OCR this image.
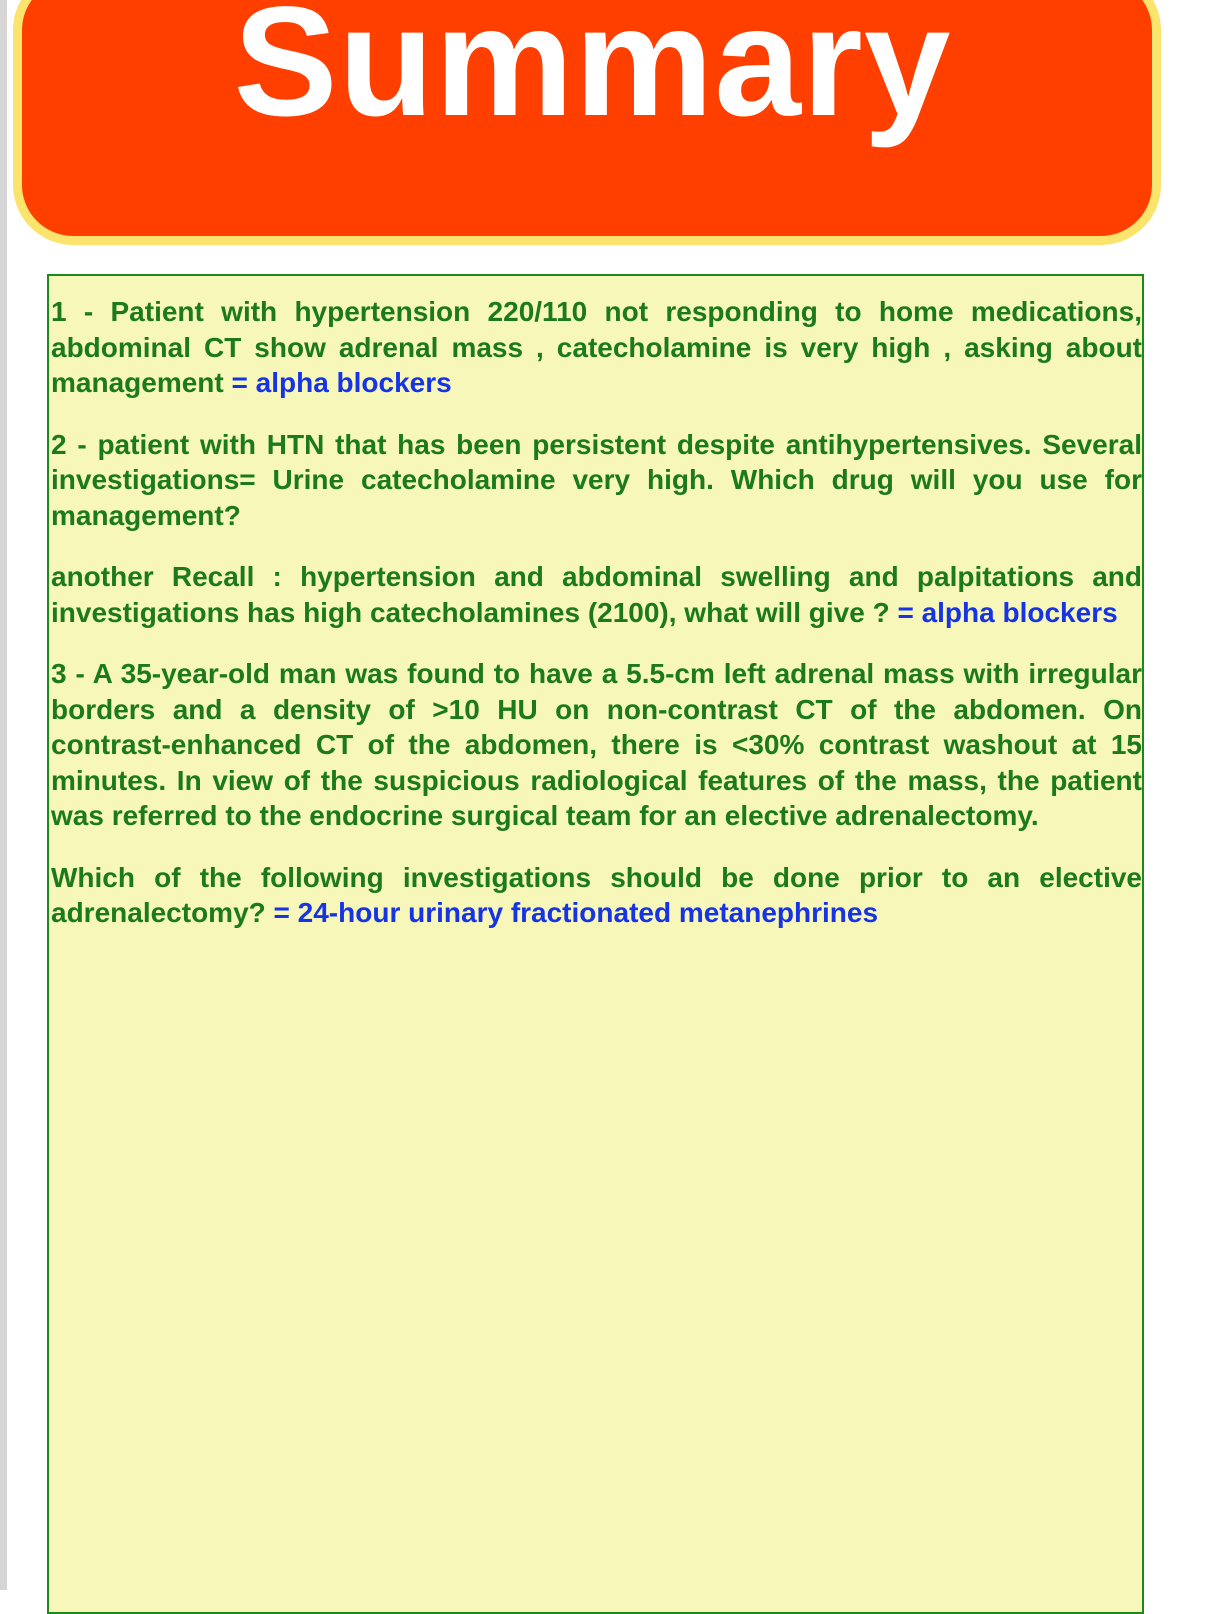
Summary

1 - Patient with hypertension 220/110 not responding to home medications, abdominal CT show adrenal mass , catecholamine is very high , asking about management = alpha blockers

2 - patient with HTN that has been persistent despite antihypertensives. Several investigations= Urine catecholamine very high. Which drug will you use for management?

another Recall : hypertension and abdominal swelling and palpitations and investigations has high catecholamines (2100), what will give ? = alpha blockers

3 - A 35-year-old man was found to have a 5.5-cm left adrenal mass with irregular borders and a density of >10 HU on non-contrast CT of the abdomen. On contrast-enhanced CT of the abdomen, there is <30% contrast washout at 15 minutes. In view of the suspicious radiological features of the mass, the patient was referred to the endocrine surgical team for an elective adrenalectomy.

Which of the following investigations should be done prior to an elective adrenalectomy? = 24-hour urinary fractionated metanephrines
